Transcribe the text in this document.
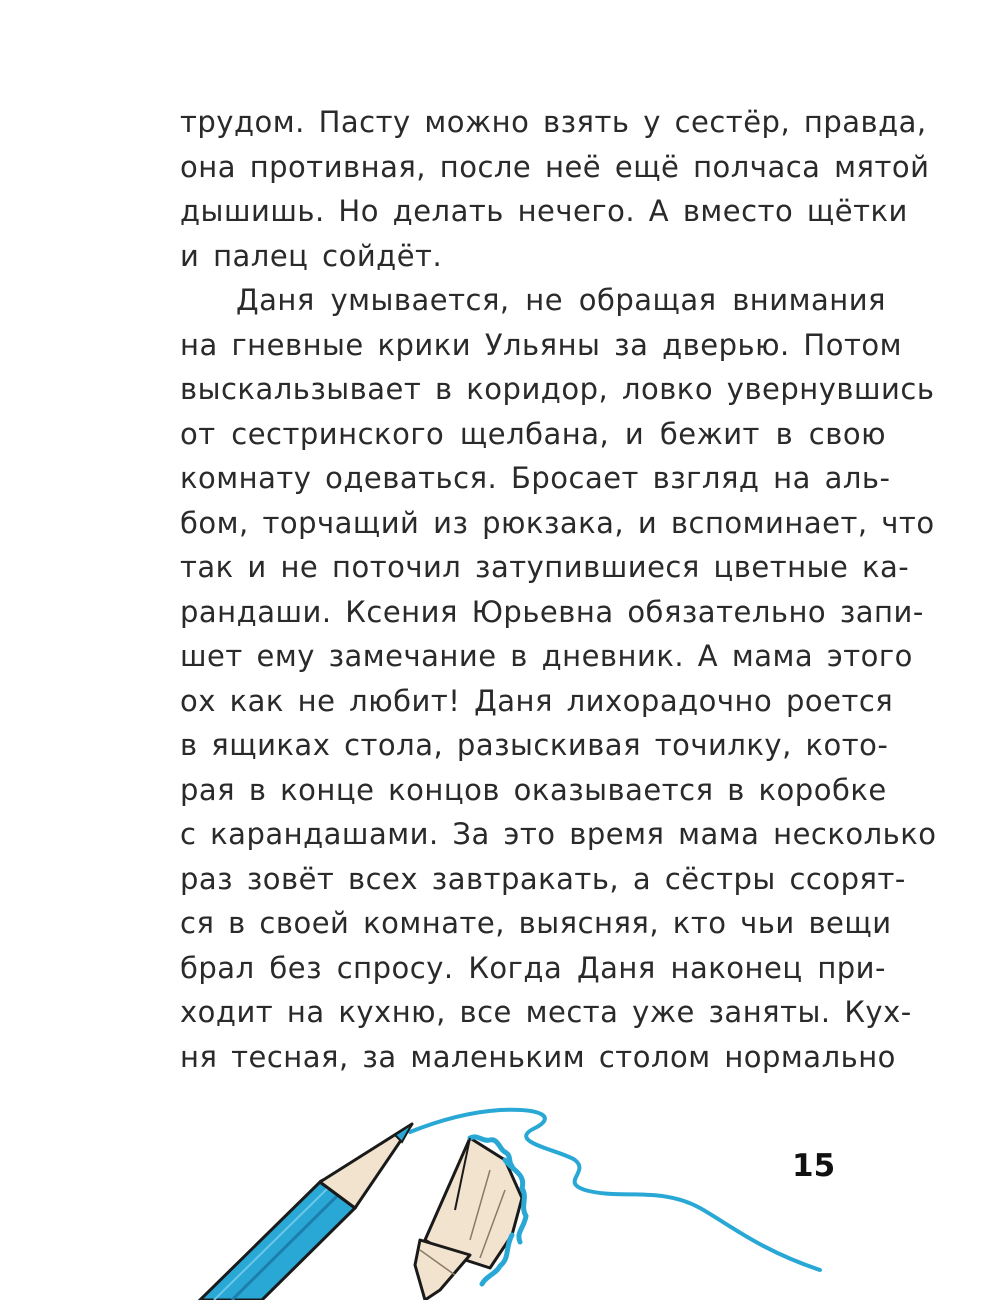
трудом. Пасту можно взять у сестёр, правда,
она противная, после неё ещё полчаса мятой
дышишь. Но делать нечего. А вместо щётки
и палец сойдёт.
Даня умывается, не обращая внимания
на гневные крики Ульяны за дверью. Потом
выскальзывает в коридор, ловко увернувшись
от сестринского щелбана, и бежит в свою
комнату одеваться. Бросает взгляд на аль-
бом, торчащий из рюкзака, и вспоминает, что
так и не поточил затупившиеся цветные ка-
рандаши. Ксения Юрьевна обязательно запи-
шет ему замечание в дневник. А мама этого
ох как не любит! Даня лихорадочно роется
в ящиках стола, разыскивая точилку, кото-
рая в конце концов оказывается в коробке
с карандашами. За это время мама несколько
раз зовёт всех завтракать, а сёстры ссорят-
ся в своей комнате, выясняя, кто чьи вещи
брал без спросу. Когда Даня наконец при-
ходит на кухню, все места уже заняты. Кух-
ня тесная, за маленьким столом нормально
15
